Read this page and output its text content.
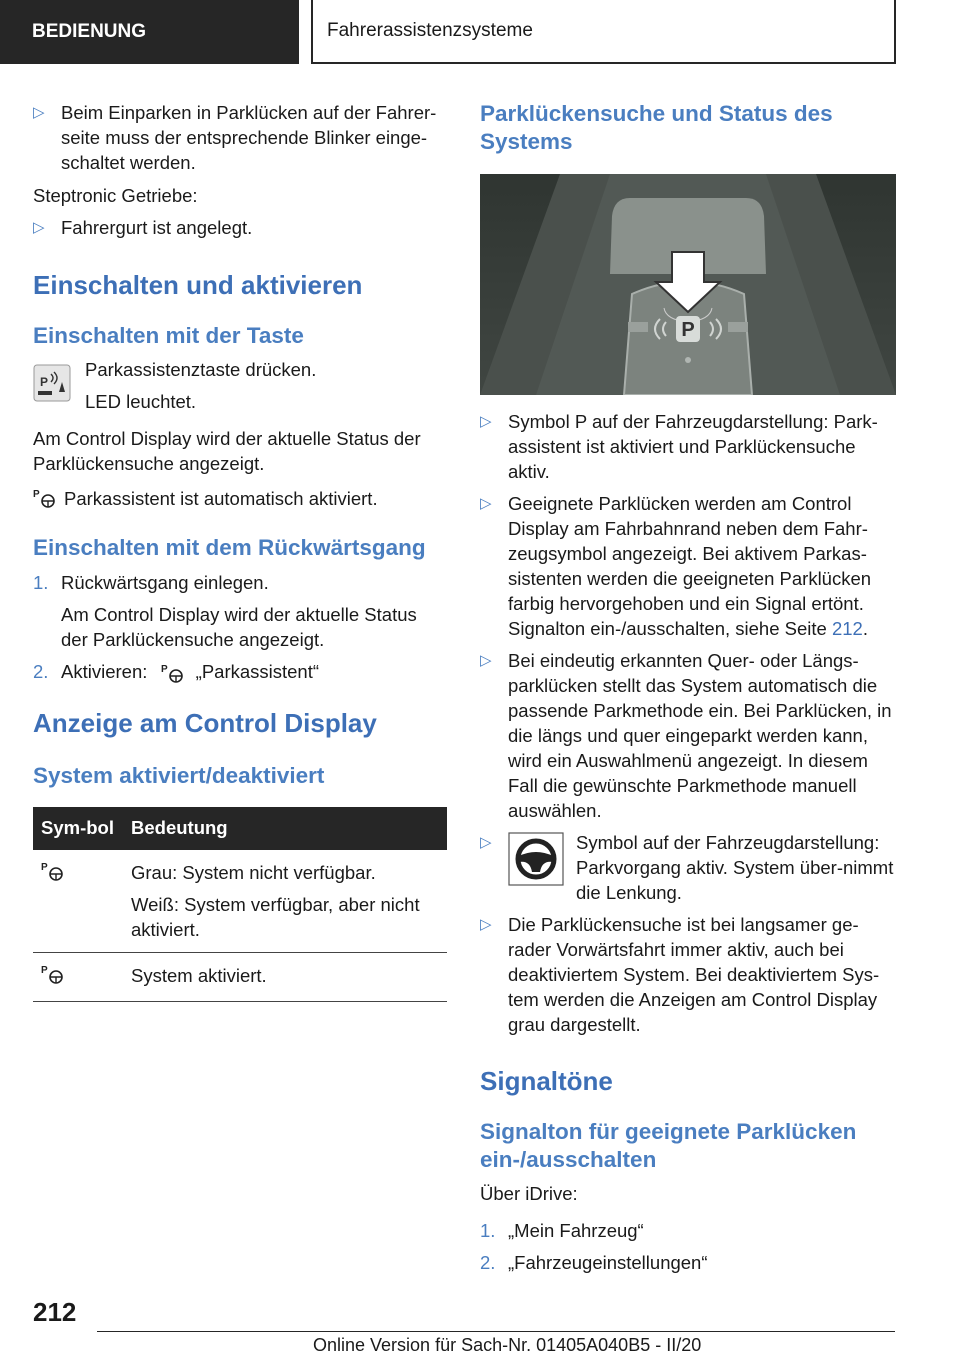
BEDIENUNG	Fahrerassistenzsysteme
▷ Beim Einparken in Parklücken auf der Fahrer-seite muss der entsprechende Blinker einge-schaltet werden.

Steptronic Getriebe:

▷ Fahrergurt ist angelegt.
Einschalten und aktivieren
Einschalten mit der Taste
P

Parkassistenztaste drücken.

LED leuchtet.

Am Control Display wird der aktuelle Status der Parklückensuche angezeigt.

P Parkassistent ist automatisch aktiviert.
Einschalten mit dem Rückwärtsgang
1. Rückwärtsgang einlegen.

Am Control Display wird der aktuelle Status der Parklückensuche angezeigt.

2. Aktivieren: P „Parkassistent“
Anzeige am Control Display
System aktiviert/deaktiviert
Sym-bol	Bedeutung

P	Grau: System nicht verfügbar.

Weiß: System verfügbar, aber nicht aktiviert.

P	System aktiviert.
Parklückensuche und Status des Systems
P
▷ Symbol P auf der Fahrzeugdarstellung: Park-assistent ist aktiviert und Parklückensuche aktiv.
▷ Geeignete Parklücken werden am Control Display am Fahrbahnrand neben dem Fahr-zeugsymbol angezeigt. Bei aktivem Parkas-sistenten werden die geeigneten Parklücken farbig hervorgehoben und ein Signal ertönt. Signalton ein-/ausschalten, siehe Seite 212.
▷ Bei eindeutig erkannten Quer- oder Längs-parklücken stellt das System automatisch die passende Parkmethode ein. Bei Parklücken, in die längs und quer eingeparkt werden kann, wird ein Auswahlmenü angezeigt. In diesem Fall die gewünschte Parkmethode manuell auswählen.
▷	Symbol auf der Fahrzeugdarstellung: Parkvorgang aktiv. System über-nimmt die Lenkung.
▷ Die Parklückensuche ist bei langsamer ge-rader Vorwärtsfahrt immer aktiv, auch bei deaktiviertem System. Bei deaktiviertem Sys-tem werden die Anzeigen am Control Display grau dargestellt.
Signaltöne
Signalton für geeignete Parklücken ein-/ausschalten

Über iDrive:

1. „Mein Fahrzeug“
2. „Fahrzeugeinstellungen“
212
Online Version für Sach-Nr. 01405A040B5 - II/20
